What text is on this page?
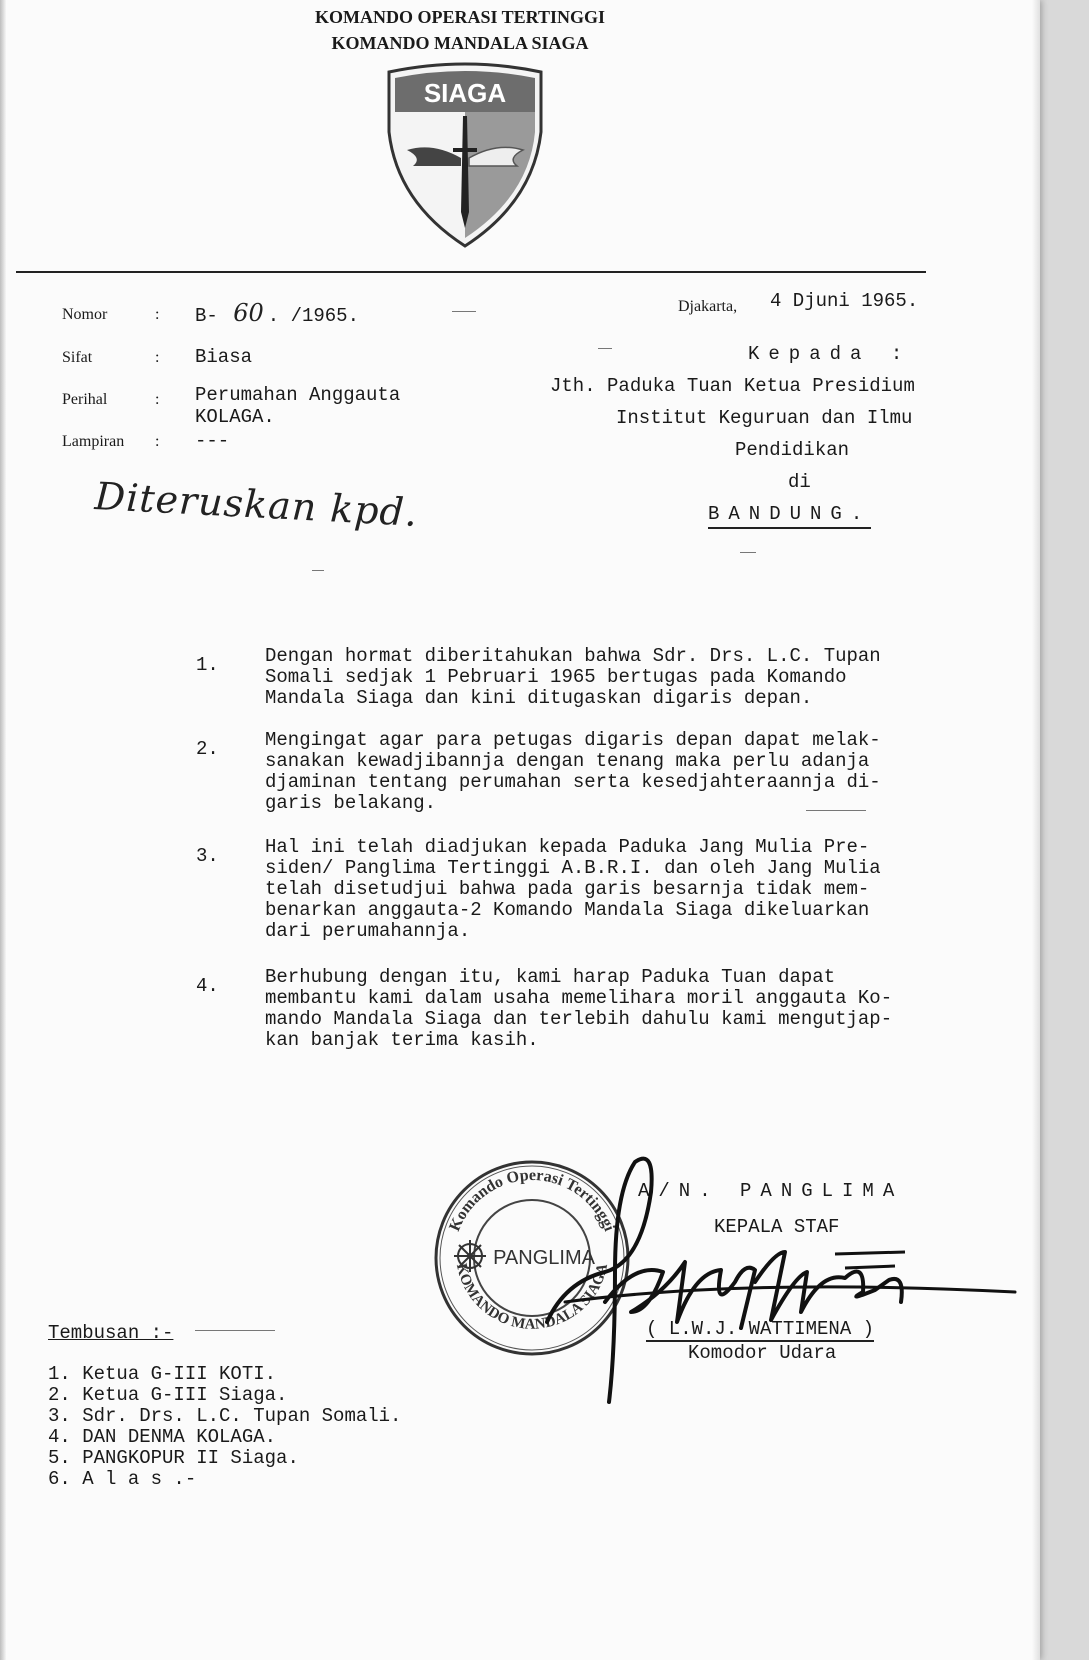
KOMANDO OPERASI TERTINGGI
KOMANDO MANDALA SIAGA
SIAGA
Nomor	: B- 60 . /1965.
Sifat	: Biasa
Perihal	: Perumahan Anggauta
KOLAGA.
Lampiran : ---
Diteruskan kpd.
Djakarta, 4 Djuni 1965.
Kepada :
Jth. Paduka Tuan Ketua Presidium
Institut Keguruan dan Ilmu
Pendidikan
di
BANDUNG.
1. Dengan hormat diberitahukan bahwa Sdr. Drs. L.C. Tupan
Somali sedjak 1 Pebruari 1965 bertugas pada Komando
Mandala Siaga dan kini ditugaskan digaris depan.
2. Mengingat agar para petugas digaris depan dapat melak-
sanakan kewadjibannja dengan tenang maka perlu adanja
djaminan tentang perumahan serta kesedjahteraannja di-
garis belakang.
3. Hal ini telah diadjukan kepada Paduka Jang Mulia Pre-
siden/ Panglima Tertinggi A.B.R.I. dan oleh Jang Mulia
telah disetudjui bahwa pada garis besarnja tidak mem-
benarkan anggauta-2 Komando Mandala Siaga dikeluarkan
dari perumahannja.
4. Berhubung dengan itu, kami harap Paduka Tuan dapat
membantu kami dalam usaha memelihara moril anggauta Ko-
mando Mandala Siaga dan terlebih dahulu kami mengutjap-
kan banjak terima kasih.
Komando Operasi Tertinggi
KOMANDO MANDALA SIAGA
PANGLIMA
A/N. PANGLIMA
KEPALA STAF
( L.W.J. WATTIMENA )
Komodor Udara
Tembusan :-
1. Ketua G-III KOTI.
2. Ketua G-III Siaga.
3. Sdr. Drs. L.C. Tupan Somali.
4. DAN DENMA KOLAGA.
5. PANGKOPUR II Siaga.
6. A l a s .-
